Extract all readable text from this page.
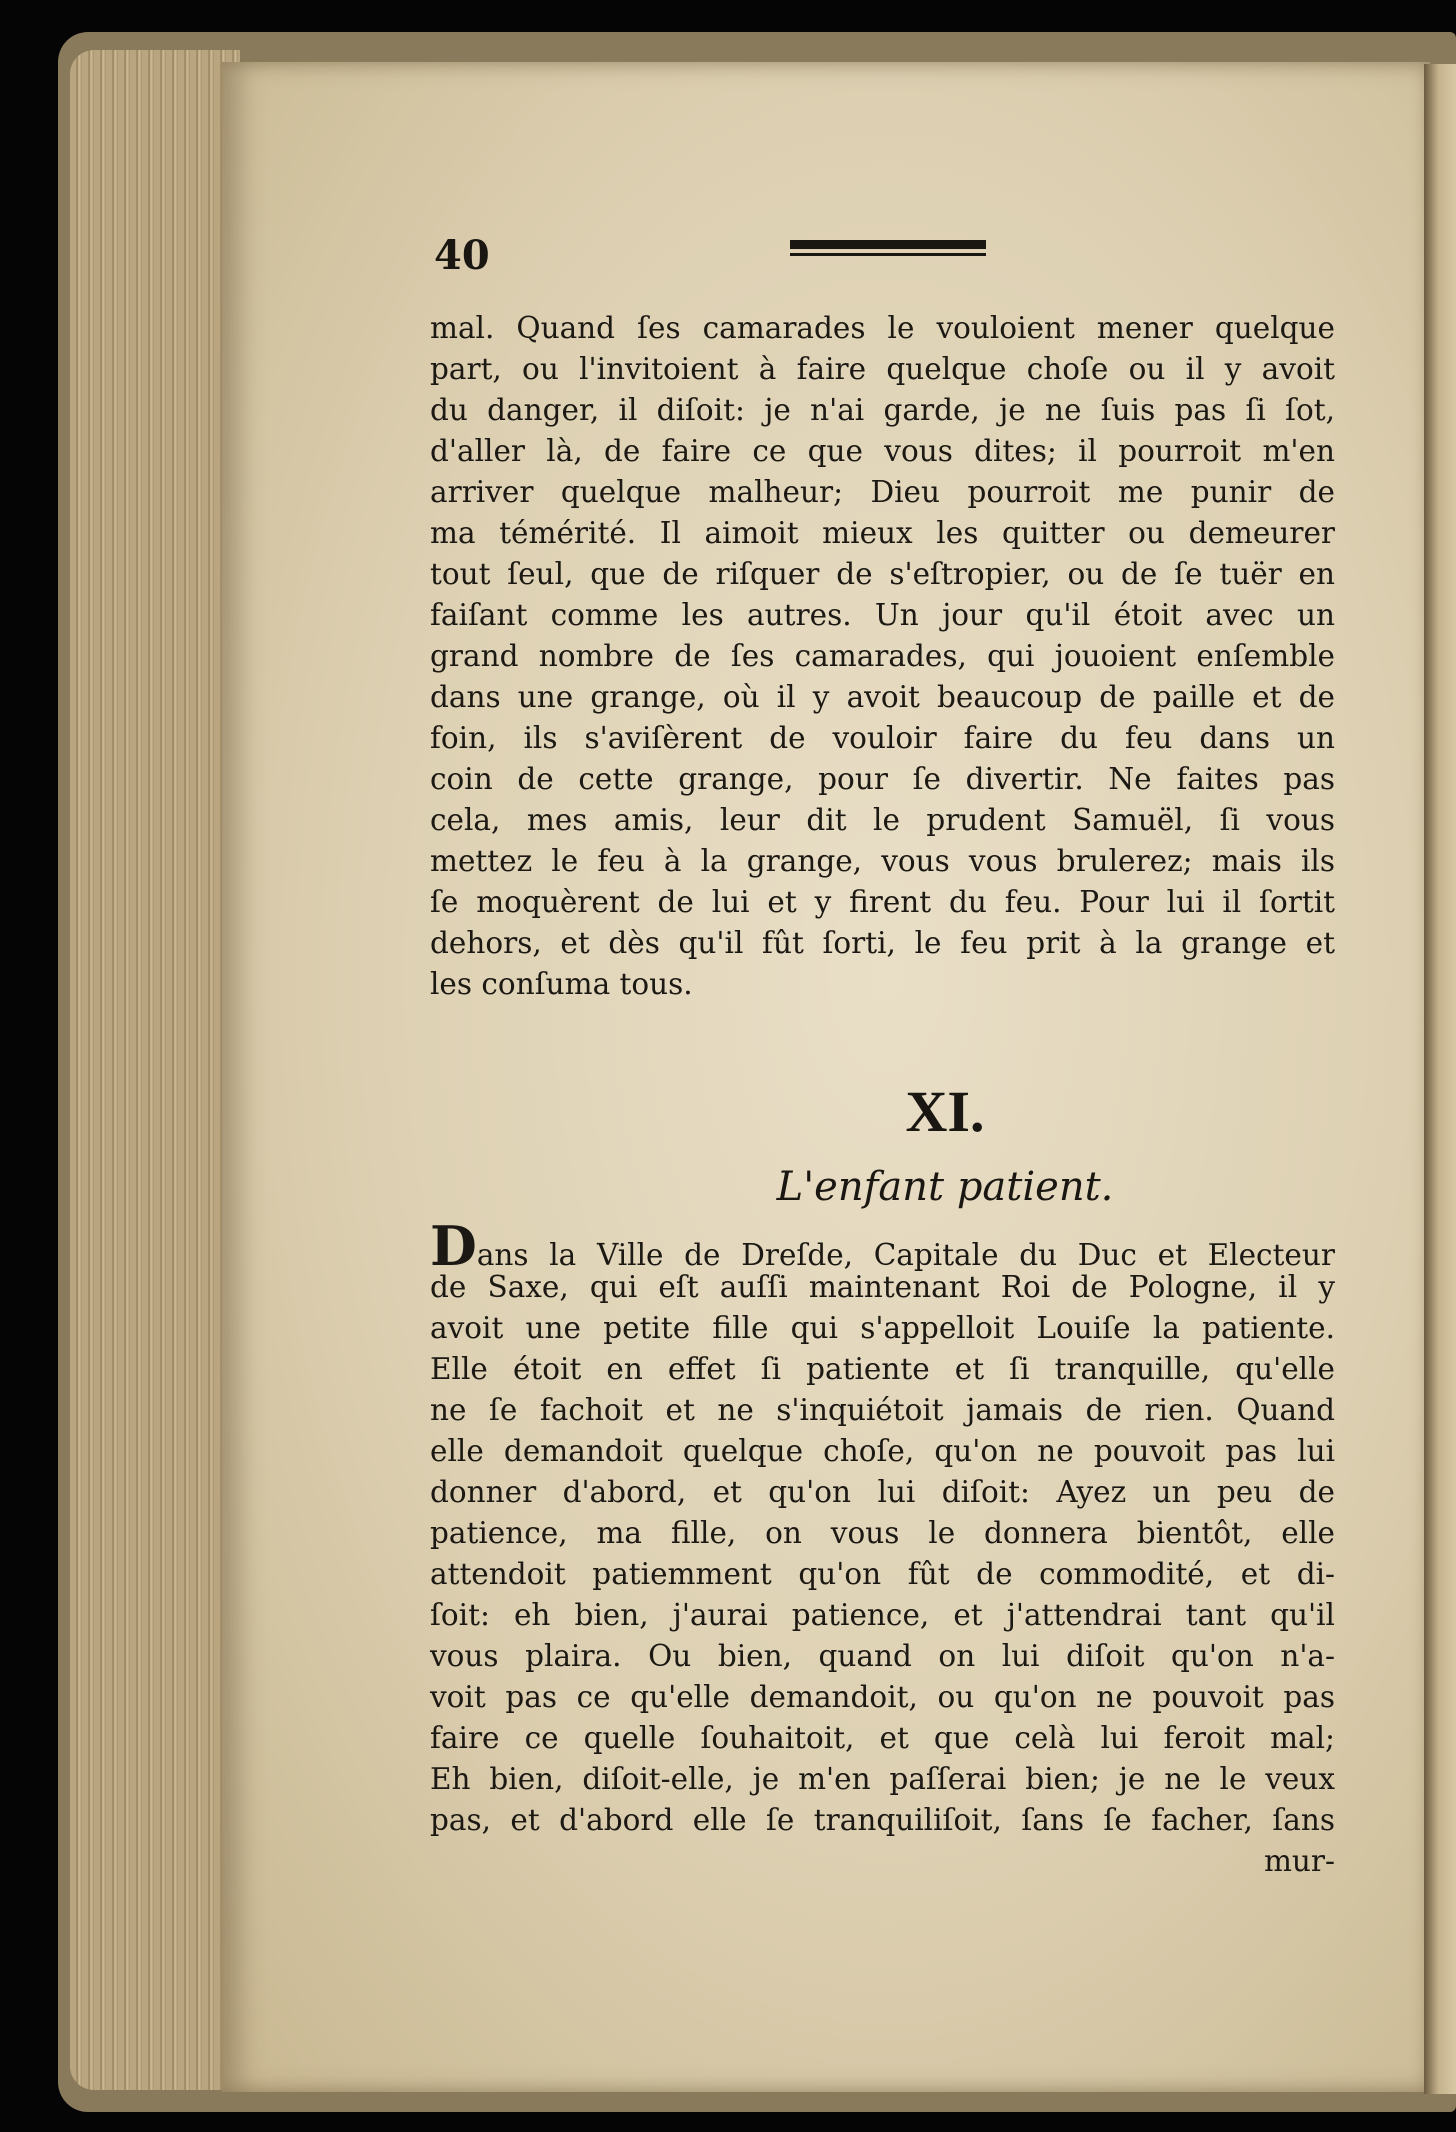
40
mal. Quand ſes camarades le vouloient mener quelque
part, ou l'invitoient à faire quelque choſe ou il y avoit
du danger, il diſoit: je n'ai garde, je ne ſuis pas ſi ſot,
d'aller là, de faire ce que vous dites; il pourroit m'en
arriver quelque malheur; Dieu pourroit me punir de
ma témérité. Il aimoit mieux les quitter ou demeurer
tout ſeul, que de riſquer de s'eſtropier, ou de ſe tuër en
faiſant comme les autres. Un jour qu'il étoit avec un
grand nombre de ſes camarades, qui jouoient enſemble
dans une grange, où il y avoit beaucoup de paille et de
foin, ils s'aviſèrent de vouloir faire du feu dans un
coin de cette grange, pour ſe divertir. Ne faites pas
cela, mes amis, leur dit le prudent Samuël, ſi vous
mettez le feu à la grange, vous vous brulerez; mais ils
ſe moquèrent de lui et y firent du feu. Pour lui il ſortit
dehors, et dès qu'il fût ſorti, le feu prit à la grange et
les conſuma tous.
XI.
L'enfant patient.
Dans la Ville de Dreſde, Capitale du Duc et Electeur
de Saxe, qui eſt auſſi maintenant Roi de Pologne, il y
avoit une petite fille qui s'appelloit Louiſe la patiente.
Elle étoit en effet ſi patiente et ſi tranquille, qu'elle
ne ſe fachoit et ne s'inquiétoit jamais de rien. Quand
elle demandoit quelque choſe, qu'on ne pouvoit pas lui
donner d'abord, et qu'on lui diſoit: Ayez un peu de
patience, ma fille, on vous le donnera bientôt, elle
attendoit patiemment qu'on fût de commodité, et di-
ſoit: eh bien, j'aurai patience, et j'attendrai tant qu'il
vous plaira. Ou bien, quand on lui diſoit qu'on n'a-
voit pas ce qu'elle demandoit, ou qu'on ne pouvoit pas
faire ce quelle ſouhaitoit, et que celà lui feroit mal;
Eh bien, diſoit-elle, je m'en paſſerai bien; je ne le veux
pas, et d'abord elle ſe tranquiliſoit, ſans ſe facher, ſans
mur-
